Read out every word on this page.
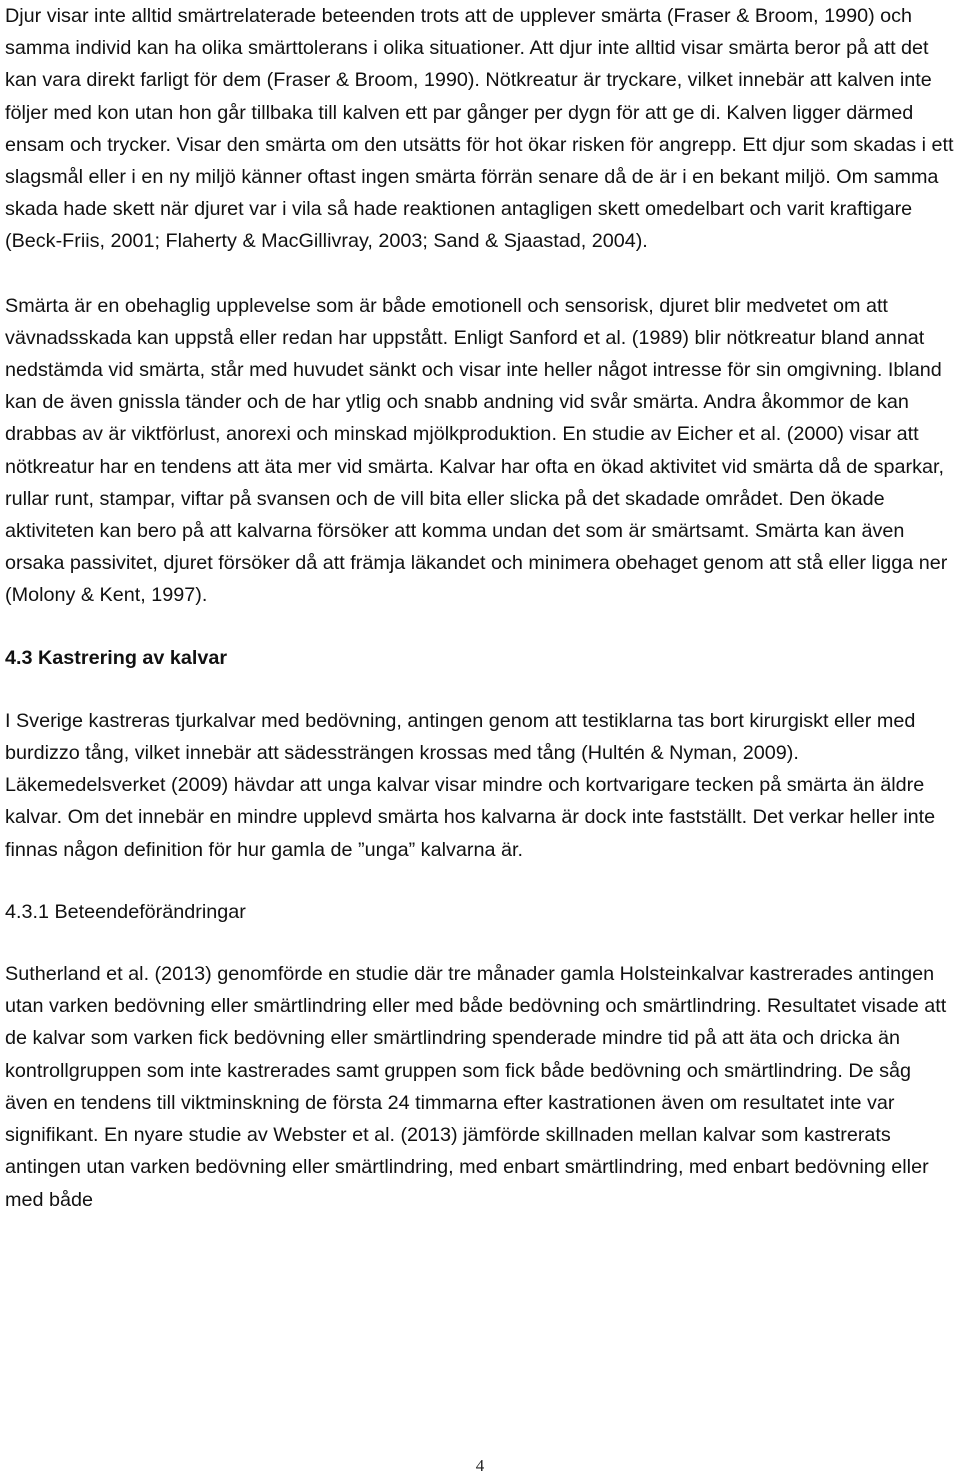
Djur visar inte alltid smärtrelaterade beteenden trots att de upplever smärta (Fraser & Broom, 1990) och samma individ kan ha olika smärttolerans i olika situationer. Att djur inte alltid visar smärta beror på att det kan vara direkt farligt för dem (Fraser & Broom, 1990). Nötkreatur är tryckare, vilket innebär att kalven inte följer med kon utan hon går tillbaka till kalven ett par gånger per dygn för att ge di. Kalven ligger därmed ensam och trycker. Visar den smärta om den utsätts för hot ökar risken för angrepp. Ett djur som skadas i ett slagsmål eller i en ny miljö känner oftast ingen smärta förrän senare då de är i en bekant miljö. Om samma skada hade skett när djuret var i vila så hade reaktionen antagligen skett omedelbart och varit kraftigare (Beck-Friis, 2001; Flaherty & MacGillivray, 2003; Sand & Sjaastad, 2004).

Smärta är en obehaglig upplevelse som är både emotionell och sensorisk, djuret blir medvetet om att vävnadsskada kan uppstå eller redan har uppstått. Enligt Sanford et al. (1989) blir nötkreatur bland annat nedstämda vid smärta, står med huvudet sänkt och visar inte heller något intresse för sin omgivning. Ibland kan de även gnissla tänder och de har ytlig och snabb andning vid svår smärta. Andra åkommor de kan drabbas av är viktförlust, anorexi och minskad mjölkproduktion. En studie av Eicher et al. (2000) visar att nötkreatur har en tendens att äta mer vid smärta. Kalvar har ofta en ökad aktivitet vid smärta då de sparkar, rullar runt, stampar, viftar på svansen och de vill bita eller slicka på det skadade området. Den ökade aktiviteten kan bero på att kalvarna försöker att komma undan det som är smärtsamt. Smärta kan även orsaka passivitet, djuret försöker då att främja läkandet och minimera obehaget genom att stå eller ligga ner (Molony & Kent, 1997).

4.3 Kastrering av kalvar

I Sverige kastreras tjurkalvar med bedövning, antingen genom att testiklarna tas bort kirurgiskt eller med burdizzo tång, vilket innebär att sädessträngen krossas med tång (Hultén & Nyman, 2009). Läkemedelsverket (2009) hävdar att unga kalvar visar mindre och kortvarigare tecken på smärta än äldre kalvar. Om det innebär en mindre upplevd smärta hos kalvarna är dock inte fastställt. Det verkar heller inte finnas någon definition för hur gamla de ”unga” kalvarna är.

4.3.1 Beteendeförändringar

Sutherland et al. (2013) genomförde en studie där tre månader gamla Holsteinkalvar kastrerades antingen utan varken bedövning eller smärtlindring eller med både bedövning och smärtlindring. Resultatet visade att de kalvar som varken fick bedövning eller smärtlindring spenderade mindre tid på att äta och dricka än kontrollgruppen som inte kastrerades samt gruppen som fick både bedövning och smärtlindring. De såg även en tendens till viktminskning de första 24 timmarna efter kastrationen även om resultatet inte var signifikant. En nyare studie av Webster et al. (2013) jämförde skillnaden mellan kalvar som kastrerats antingen utan varken bedövning eller smärtlindring, med enbart smärtlindring, med enbart bedövning eller med både

4
